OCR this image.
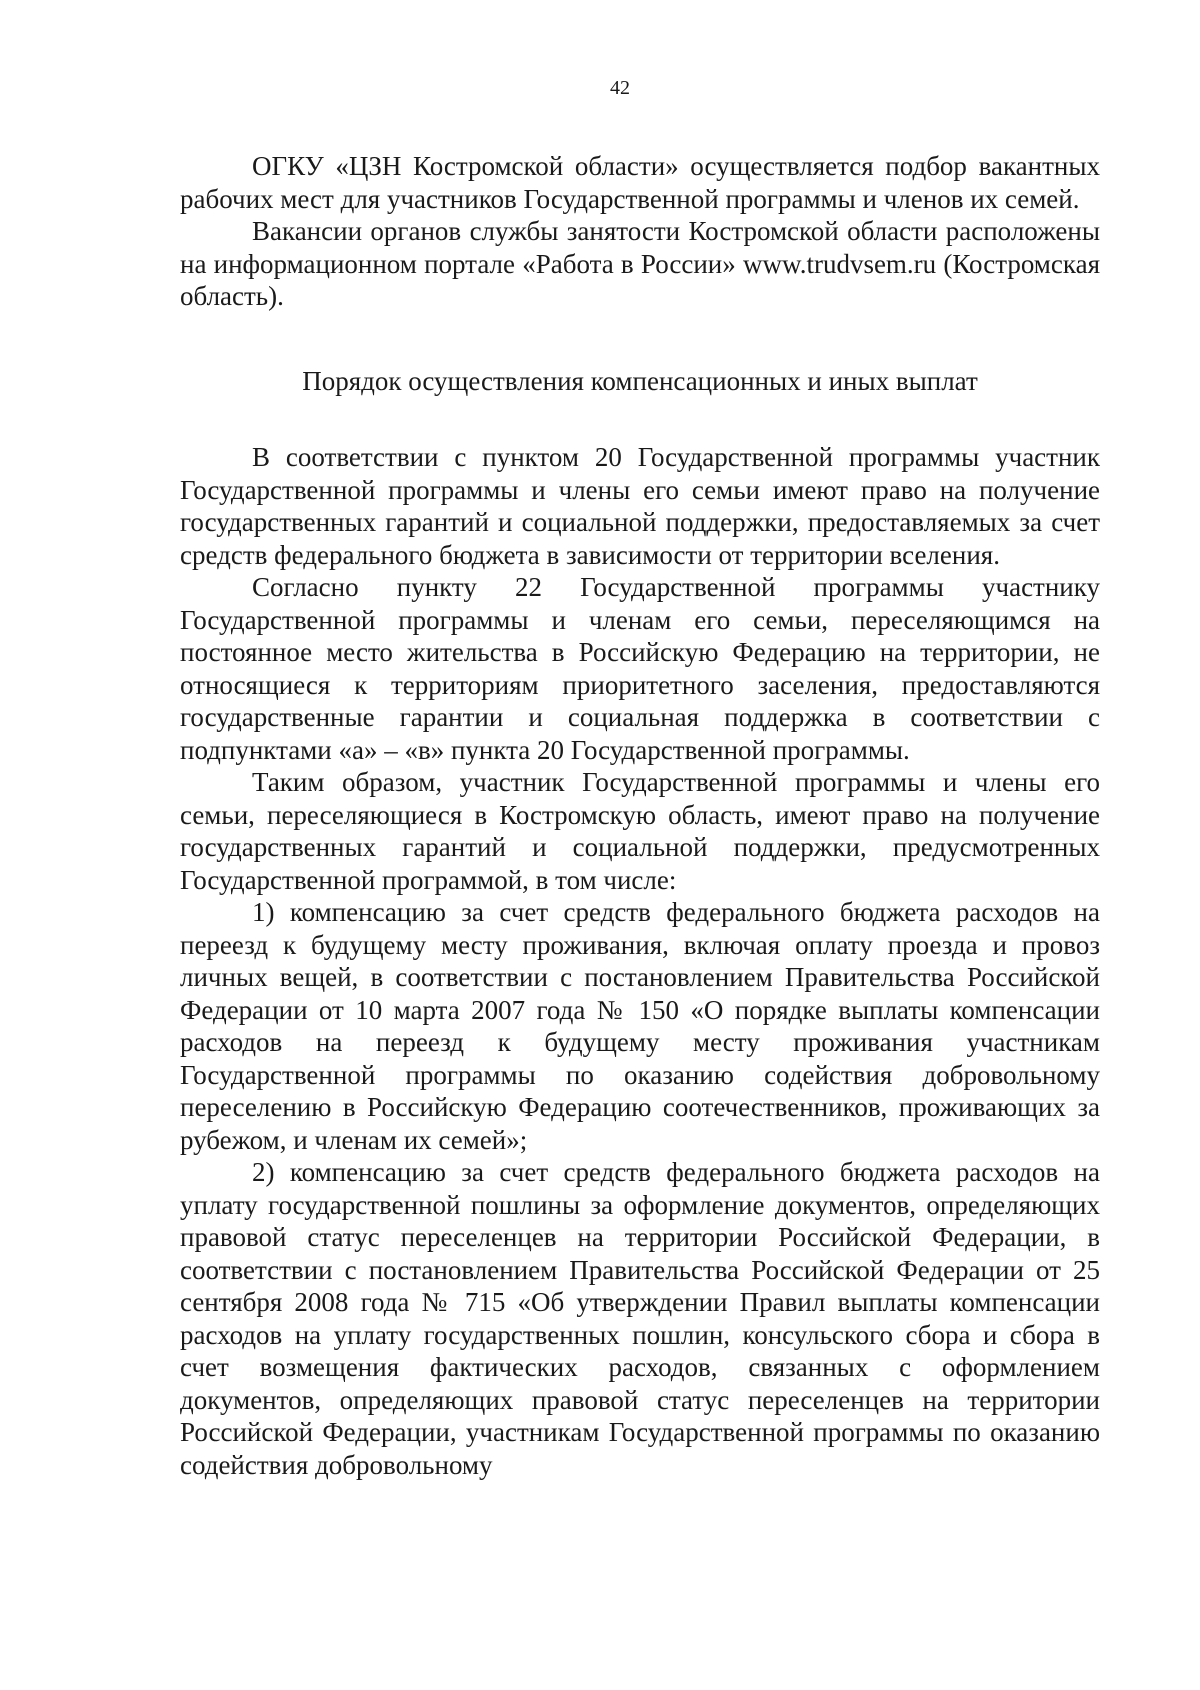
42

ОГКУ «ЦЗН Костромской области» осуществляется подбор вакантных рабочих мест для участников Государственной программы и членов их семей.

Вакансии органов службы занятости Костромской области расположены на информационном портале «Работа в России» www.trudvsem.ru (Костромская область).

Порядок осуществления компенсационных и иных выплат

В соответствии с пунктом 20 Государственной программы участник Государственной программы и члены его семьи имеют право на получение государственных гарантий и социальной поддержки, предоставляемых за счет средств федерального бюджета в зависимости от территории вселения.

Согласно пункту 22 Государственной программы участнику Государственной программы и членам его семьи, переселяющимся на постоянное место жительства в Российскую Федерацию на территории, не относящиеся к территориям приоритетного заселения, предоставляются государственные гарантии и социальная поддержка в соответствии с подпунктами «а» – «в» пункта 20 Государственной программы.

Таким образом, участник Государственной программы и члены его семьи, переселяющиеся в Костромскую область, имеют право на получение государственных гарантий и социальной поддержки, предусмотренных Государственной программой, в том числе:

1) компенсацию за счет средств федерального бюджета расходов на переезд к будущему месту проживания, включая оплату проезда и провоз личных вещей, в соответствии с постановлением Правительства Российской Федерации от 10 марта 2007 года № 150 «О порядке выплаты компенсации расходов на переезд к будущему месту проживания участникам Государственной программы по оказанию содействия добровольному переселению в Российскую Федерацию соотечественников, проживающих за рубежом, и членам их семей»;

2) компенсацию за счет средств федерального бюджета расходов на уплату государственной пошлины за оформление документов, определяющих правовой статус переселенцев на территории Российской Федерации, в соответствии с постановлением Правительства Российской Федерации от 25 сентября 2008 года № 715 «Об утверждении Правил выплаты компенсации расходов на уплату государственных пошлин, консульского сбора и сбора в счет возмещения фактических расходов, связанных с оформлением документов, определяющих правовой статус переселенцев на территории Российской Федерации, участникам Государственной программы по оказанию содействия добровольному
